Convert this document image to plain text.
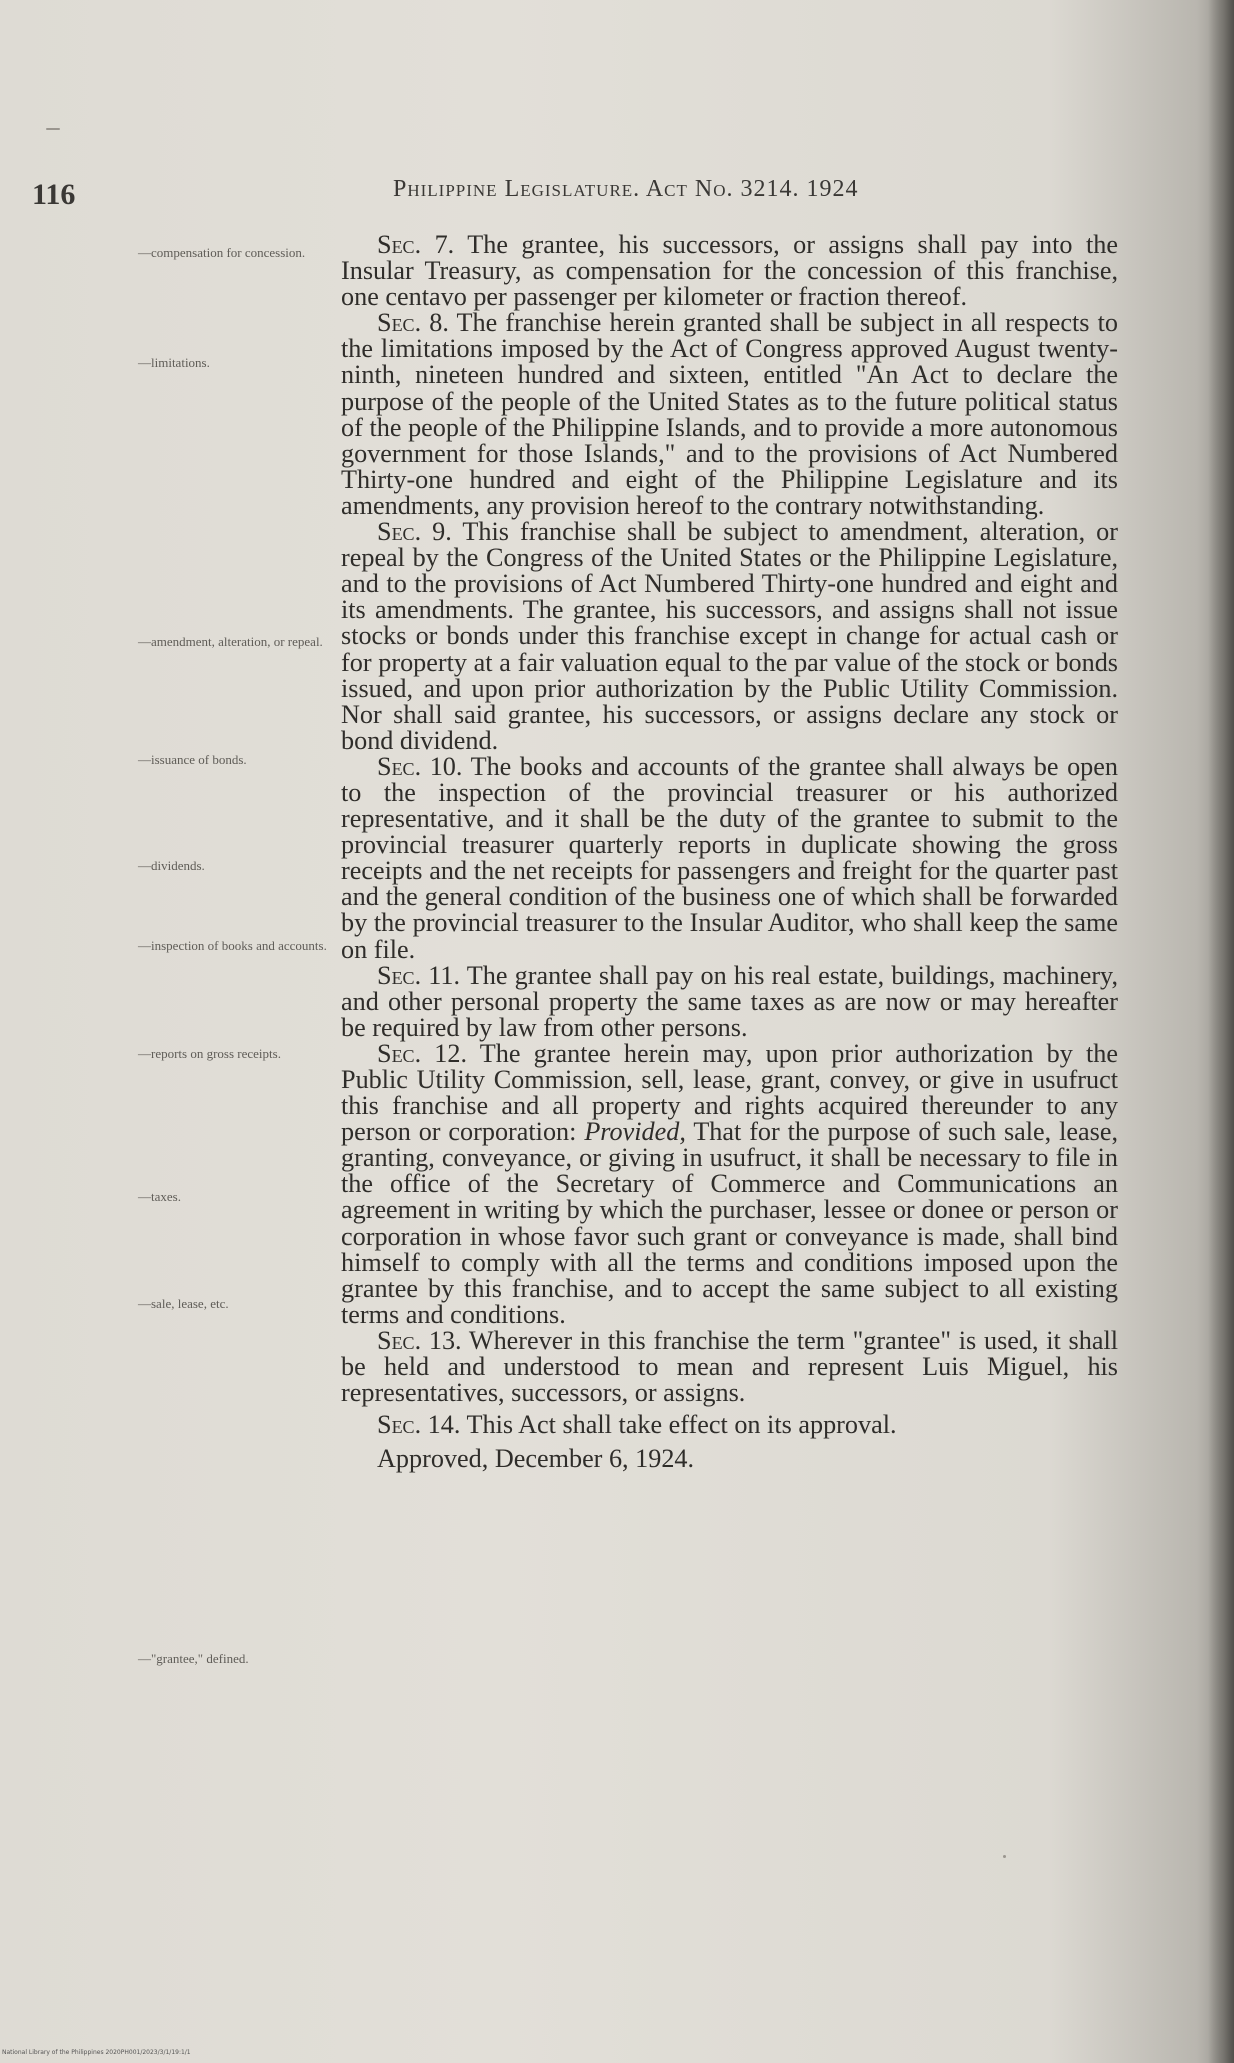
116	Philippine Legislature. Act No. 3214. 1924
—compensation for concession.
—limitations.
—amendment, alteration, or repeal.
—issuance of bonds.
—dividends.
—inspection of books and accounts.
—reports on gross receipts.
—taxes.
—sale, lease, etc.
—"grantee," defined.

Sec. 7. The grantee, his successors, or assigns shall pay into the Insular Treasury, as compensation for the concession of this franchise, one centavo per passenger per kilometer or fraction thereof.

Sec. 8. The franchise herein granted shall be subject in all respects to the limitations imposed by the Act of Congress approved August twenty-ninth, nineteen hundred and sixteen, entitled "An Act to declare the purpose of the people of the United States as to the future political status of the people of the Philippine Islands, and to provide a more autonomous government for those Islands," and to the provisions of Act Numbered Thirty-one hundred and eight of the Philippine Legislature and its amendments, any provision hereof to the contrary notwithstanding.

Sec. 9. This franchise shall be subject to amendment, alteration, or repeal by the Congress of the United States or the Philippine Legislature, and to the provisions of Act Numbered Thirty-one hundred and eight and its amendments. The grantee, his successors, and assigns shall not issue stocks or bonds under this franchise except in change for actual cash or for property at a fair valuation equal to the par value of the stock or bonds issued, and upon prior authorization by the Public Utility Commission. Nor shall said grantee, his successors, or assigns declare any stock or bond dividend.

Sec. 10. The books and accounts of the grantee shall always be open to the inspection of the provincial treasurer or his authorized representative, and it shall be the duty of the grantee to submit to the provincial treasurer quarterly reports in duplicate showing the gross receipts and the net receipts for passengers and freight for the quarter past and the general condition of the business one of which shall be forwarded by the provincial treasurer to the Insular Auditor, who shall keep the same on file.

Sec. 11. The grantee shall pay on his real estate, buildings, machinery, and other personal property the same taxes as are now or may hereafter be required by law from other persons.

Sec. 12. The grantee herein may, upon prior authorization by the Public Utility Commission, sell, lease, grant, convey, or give in usufruct this franchise and all property and rights acquired thereunder to any person or corporation: Provided, That for the purpose of such sale, lease, granting, conveyance, or giving in usufruct, it shall be necessary to file in the office of the Secretary of Commerce and Communications an agreement in writing by which the purchaser, lessee or donee or person or corporation in whose favor such grant or conveyance is made, shall bind himself to comply with all the terms and conditions imposed upon the grantee by this franchise, and to accept the same subject to all existing terms and conditions.

Sec. 13. Wherever in this franchise the term "grantee" is used, it shall be held and understood to mean and represent Luis Miguel, his representatives, successors, or assigns.

Sec. 14. This Act shall take effect on its approval.

Approved, December 6, 1924.

National Library of the Philippines 2020PH001/2023/3/1/19:1/1
